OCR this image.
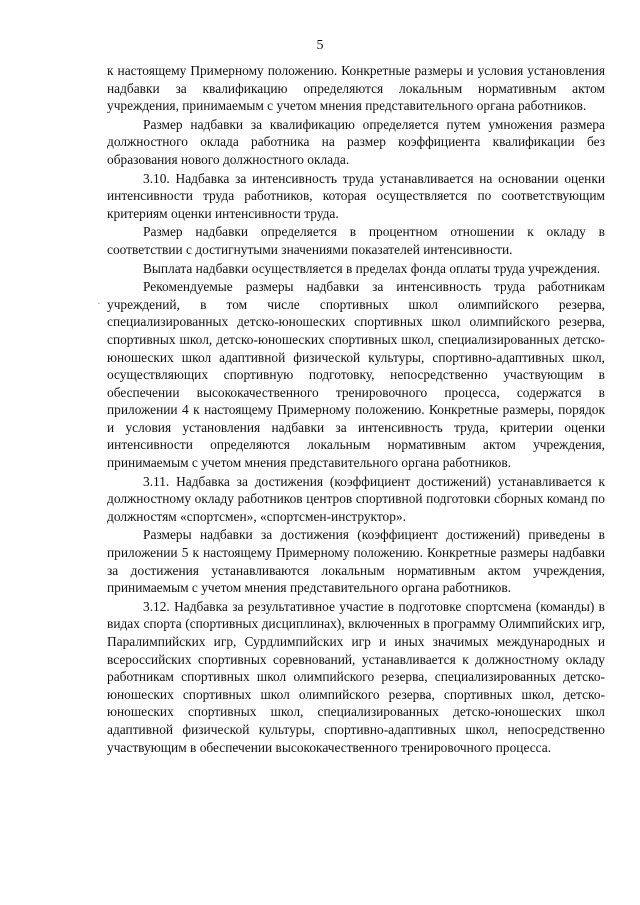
5
·

к настоящему Примерному положению. Конкретные размеры и условия установления надбавки за квалификацию определяются локальным нормативным актом учреждения, принимаемым с учетом мнения представительного органа работников.

Размер надбавки за квалификацию определяется путем умножения размера должностного оклада работника на размер коэффициента квалификации без образования нового должностного оклада.

3.10. Надбавка за интенсивность труда устанавливается на основании оценки интенсивности труда работников, которая осуществляется по соответствующим критериям оценки интенсивности труда.

Размер надбавки определяется в процентном отношении к окладу в соответствии с достигнутыми значениями показателей интенсивности.

Выплата надбавки осуществляется в пределах фонда оплаты труда учреждения.

Рекомендуемые размеры надбавки за интенсивность труда работникам учреждений, в том числе спортивных школ олимпийского резерва, специализированных детско-юношеских спортивных школ олимпийского резерва, спортивных школ, детско-юношеских спортивных школ, специализированных детско-юношеских школ адаптивной физической культуры, спортивно-адаптивных школ, осуществляющих спортивную подготовку, непосредственно участвующим в обеспечении высококачественного тренировочного процесса, содержатся в приложении 4 к настоящему Примерному положению. Конкретные размеры, порядок и условия установления надбавки за интенсивность труда, критерии оценки интенсивности определяются локальным нормативным актом учреждения, принимаемым с учетом мнения представительного органа работников.

3.11. Надбавка за достижения (коэффициент достижений) устанавливается к должностному окладу работников центров спортивной подготовки сборных команд по должностям «спортсмен», «спортсмен-инструктор».

Размеры надбавки за достижения (коэффициент достижений) приведены в приложении 5 к настоящему Примерному положению. Конкретные размеры надбавки за достижения устанавливаются локальным нормативным актом учреждения, принимаемым с учетом мнения представительного органа работников.

3.12. Надбавка за результативное участие в подготовке спортсмена (команды) в видах спорта (спортивных дисциплинах), включенных в программу Олимпийских игр, Паралимпийских игр, Сурдлимпийских игр и иных значимых международных и всероссийских спортивных соревнований, устанавливается к должностному окладу работникам спортивных школ олимпийского резерва, специализированных детско-юношеских спортивных школ олимпийского резерва, спортивных школ, детско-юношеских спортивных школ, специализированных детско-юношеских школ адаптивной физической культуры, спортивно-адаптивных школ, непосредственно участвующим в обеспечении высококачественного тренировочного процесса.
